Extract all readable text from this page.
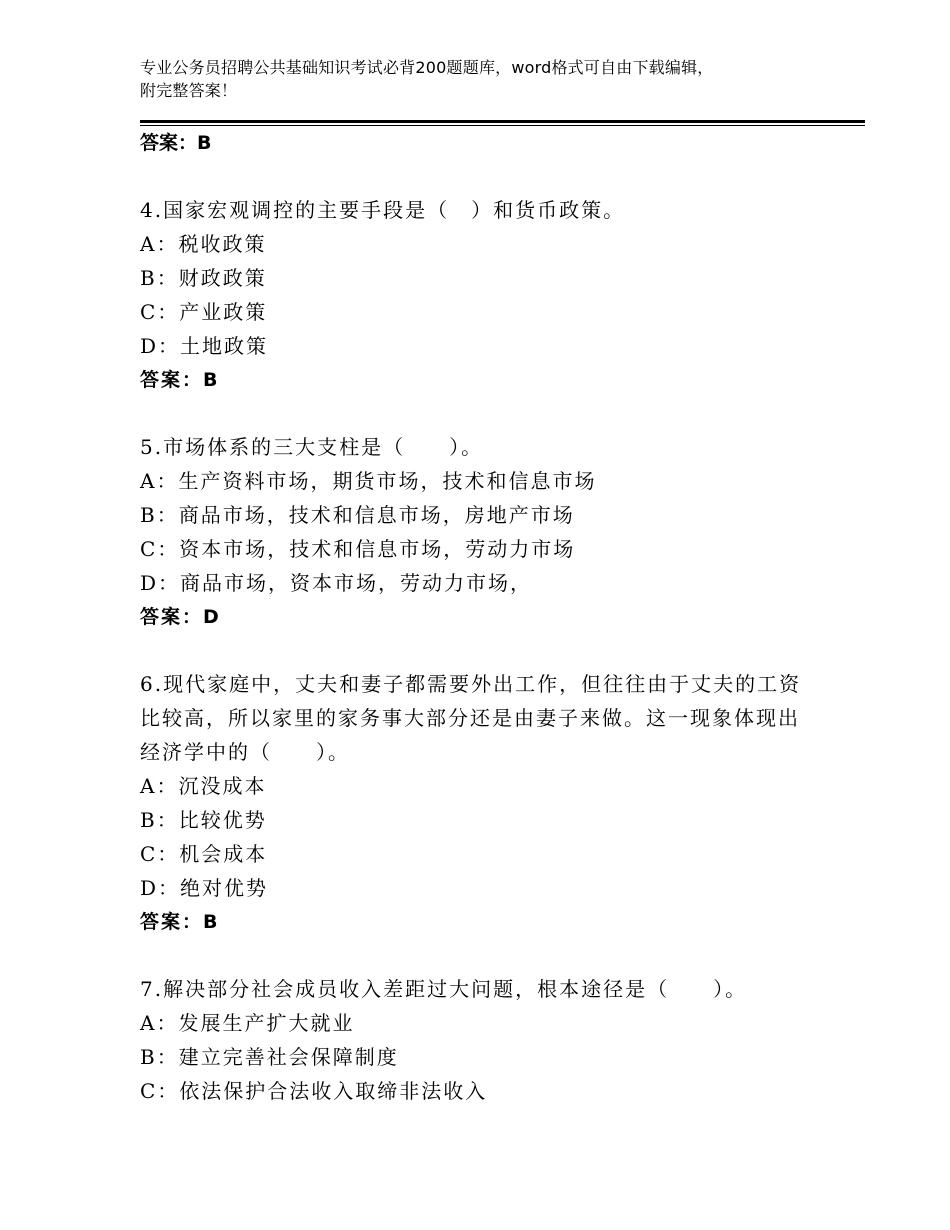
专业公务员招聘公共基础知识考试必背200题题库，word格式可自由下载编辑，
附完整答案！
答案：B
4.国家宏观调控的主要手段是（　）和货币政策。
A：税收政策
B：财政政策
C：产业政策
D：土地政策
答案：B
5.市场体系的三大支柱是（　　）。
A：生产资料市场，期货市场，技术和信息市场
B：商品市场，技术和信息市场，房地产市场
C：资本市场，技术和信息市场，劳动力市场
D：商品市场，资本市场，劳动力市场，
答案：D
6.现代家庭中，丈夫和妻子都需要外出工作，但往往由于丈夫的工资
比较高，所以家里的家务事大部分还是由妻子来做。这一现象体现出
经济学中的（　　）。
A：沉没成本
B：比较优势
C：机会成本
D：绝对优势
答案：B
7.解决部分社会成员收入差距过大问题，根本途径是（　　）。
A：发展生产扩大就业
B：建立完善社会保障制度
C：依法保护合法收入取缔非法收入
